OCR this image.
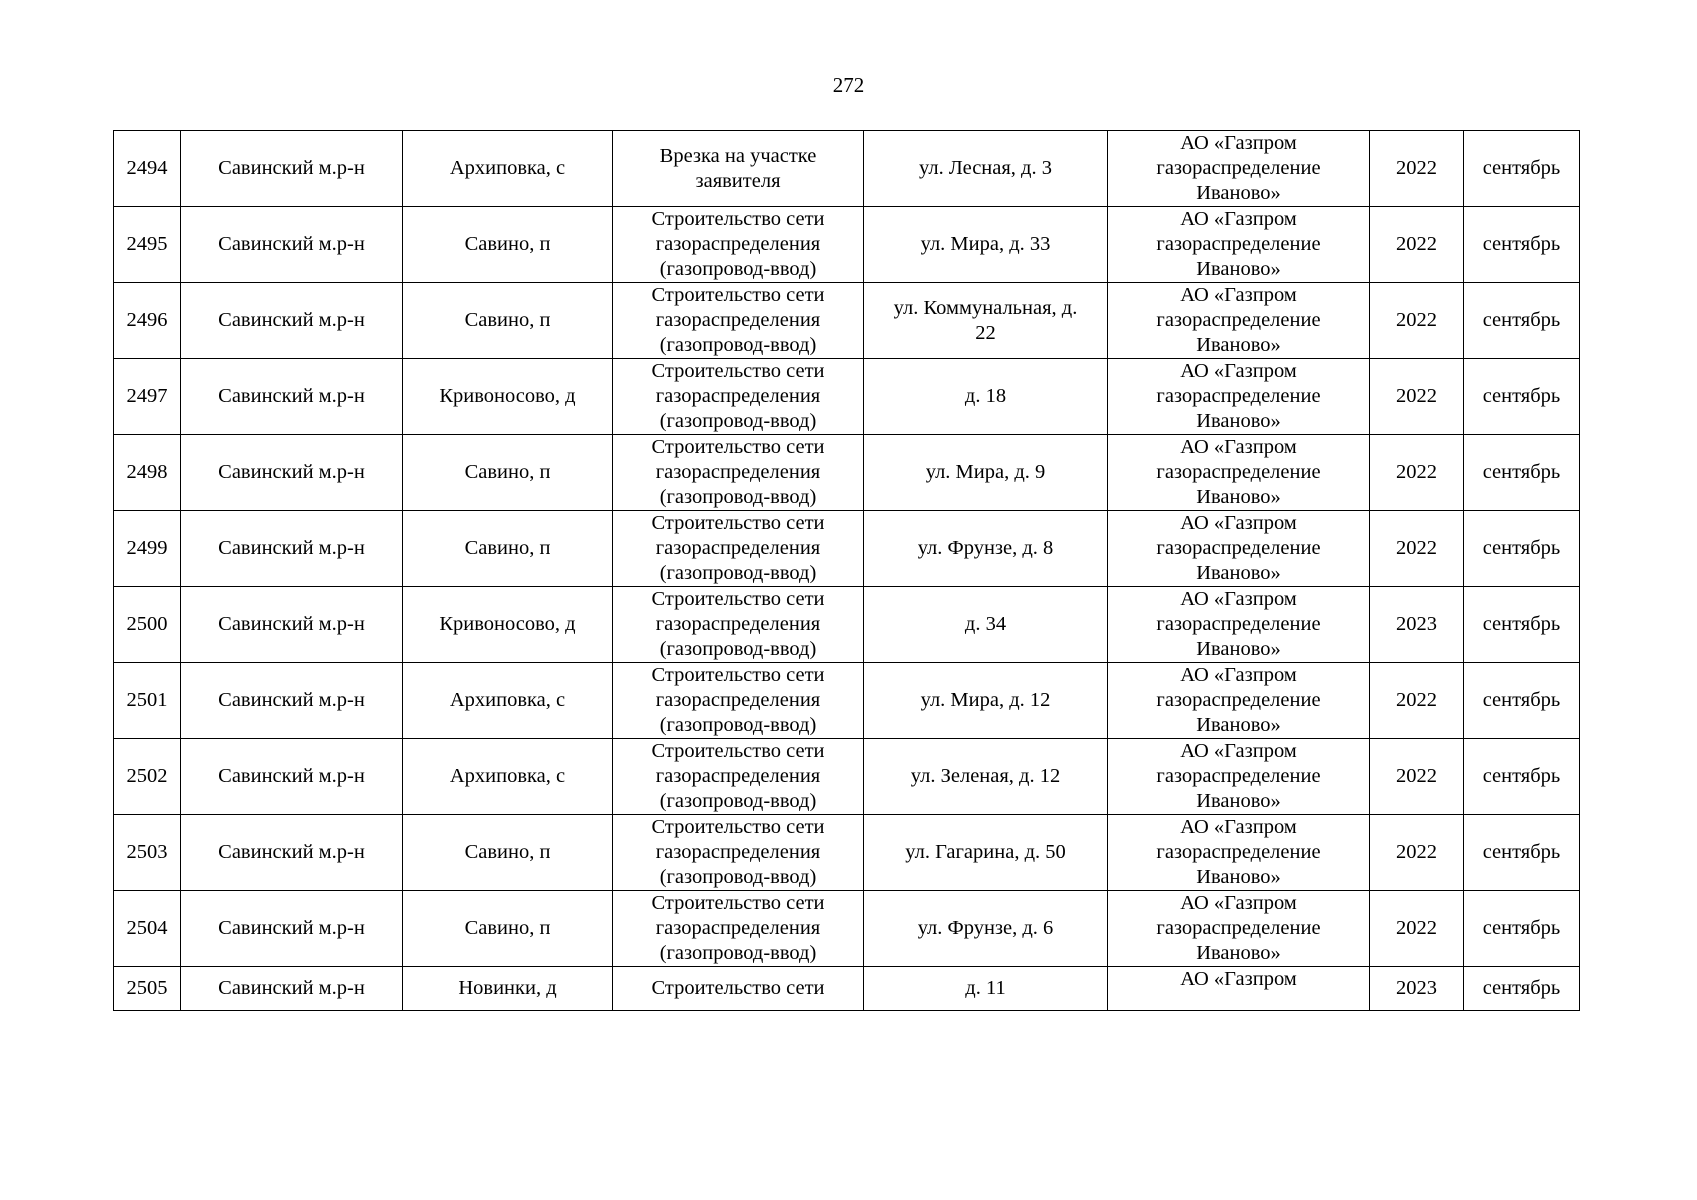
272
2494	Савинский м.р-н	Архиповка, с	Врезка на участке
заявителя	ул. Лесная, д. 3	АО «Газпром
газораспределение
Иваново»	2022	сентябрь
2495	Савинский м.р-н	Савино, п	Строительство сети
газораспределения
(газопровод-ввод)	ул. Мира, д. 33	АО «Газпром
газораспределение
Иваново»	2022	сентябрь
2496	Савинский м.р-н	Савино, п	Строительство сети
газораспределения
(газопровод-ввод)	ул. Коммунальная, д.
22	АО «Газпром
газораспределение
Иваново»	2022	сентябрь
2497	Савинский м.р-н	Кривоносово, д	Строительство сети
газораспределения
(газопровод-ввод)	д. 18	АО «Газпром
газораспределение
Иваново»	2022	сентябрь
2498	Савинский м.р-н	Савино, п	Строительство сети
газораспределения
(газопровод-ввод)	ул. Мира, д. 9	АО «Газпром
газораспределение
Иваново»	2022	сентябрь
2499	Савинский м.р-н	Савино, п	Строительство сети
газораспределения
(газопровод-ввод)	ул. Фрунзе, д. 8	АО «Газпром
газораспределение
Иваново»	2022	сентябрь
2500	Савинский м.р-н	Кривоносово, д	Строительство сети
газораспределения
(газопровод-ввод)	д. 34	АО «Газпром
газораспределение
Иваново»	2023	сентябрь
2501	Савинский м.р-н	Архиповка, с	Строительство сети
газораспределения
(газопровод-ввод)	ул. Мира, д. 12	АО «Газпром
газораспределение
Иваново»	2022	сентябрь
2502	Савинский м.р-н	Архиповка, с	Строительство сети
газораспределения
(газопровод-ввод)	ул. Зеленая, д. 12	АО «Газпром
газораспределение
Иваново»	2022	сентябрь
2503	Савинский м.р-н	Савино, п	Строительство сети
газораспределения
(газопровод-ввод)	ул. Гагарина, д. 50	АО «Газпром
газораспределение
Иваново»	2022	сентябрь
2504	Савинский м.р-н	Савино, п	Строительство сети
газораспределения
(газопровод-ввод)	ул. Фрунзе, д. 6	АО «Газпром
газораспределение
Иваново»	2022	сентябрь
2505	Савинский м.р-н	Новинки, д	Строительство сети	д. 11	АО «Газпром	2023	сентябрь
